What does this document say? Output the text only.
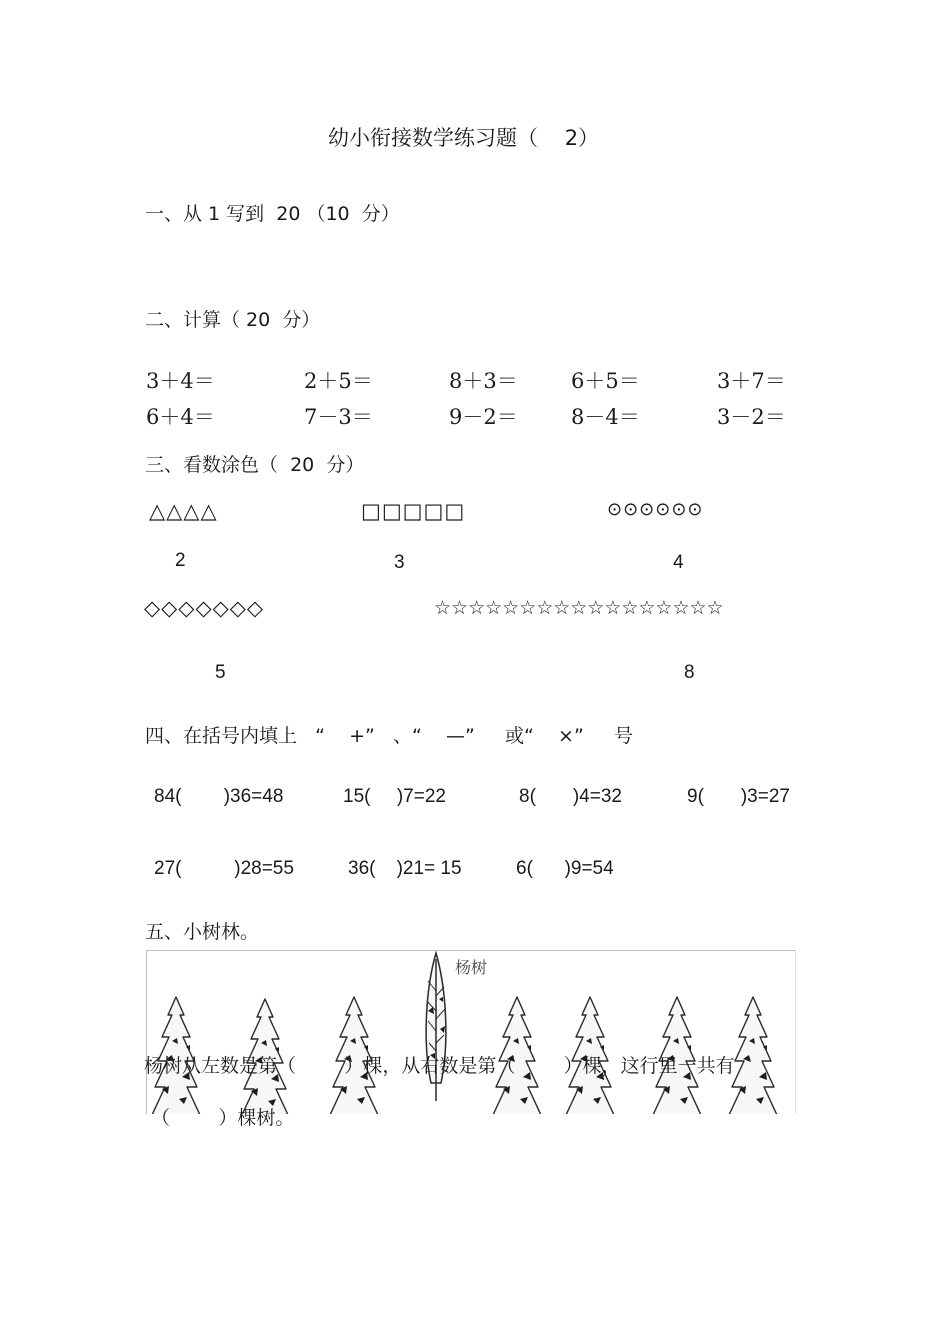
幼小衔接数学练习题（    2）
一、从 1 写到  20 （10  分）
二、计算（ 20  分）
3＋4＝	2＋5＝	8＋3＝	6＋5＝	3＋7＝
6＋4＝	7－3＝	9－2＝	8－4＝	3－2＝
三、看数涂色（  20  分）
△△△△	□□□□□	⊙⊙⊙⊙⊙⊙
2	3	4
◇◇◇◇◇◇◇	☆☆☆☆☆☆☆☆☆☆☆☆☆☆☆☆☆
5	8
四、在括号内填上   “    +”   、“    —”     或“    ×”     号
84(        )36=48	15(     )7=22	8(       )4=32	9(       )3=27
27(          )28=55	36(    )21= 15	6(      )9=54
五、小树林。
杨树
杨树从左数是第（        ）棵，从右数是第（        ）棵，这行里一共有
（        ）棵树。
